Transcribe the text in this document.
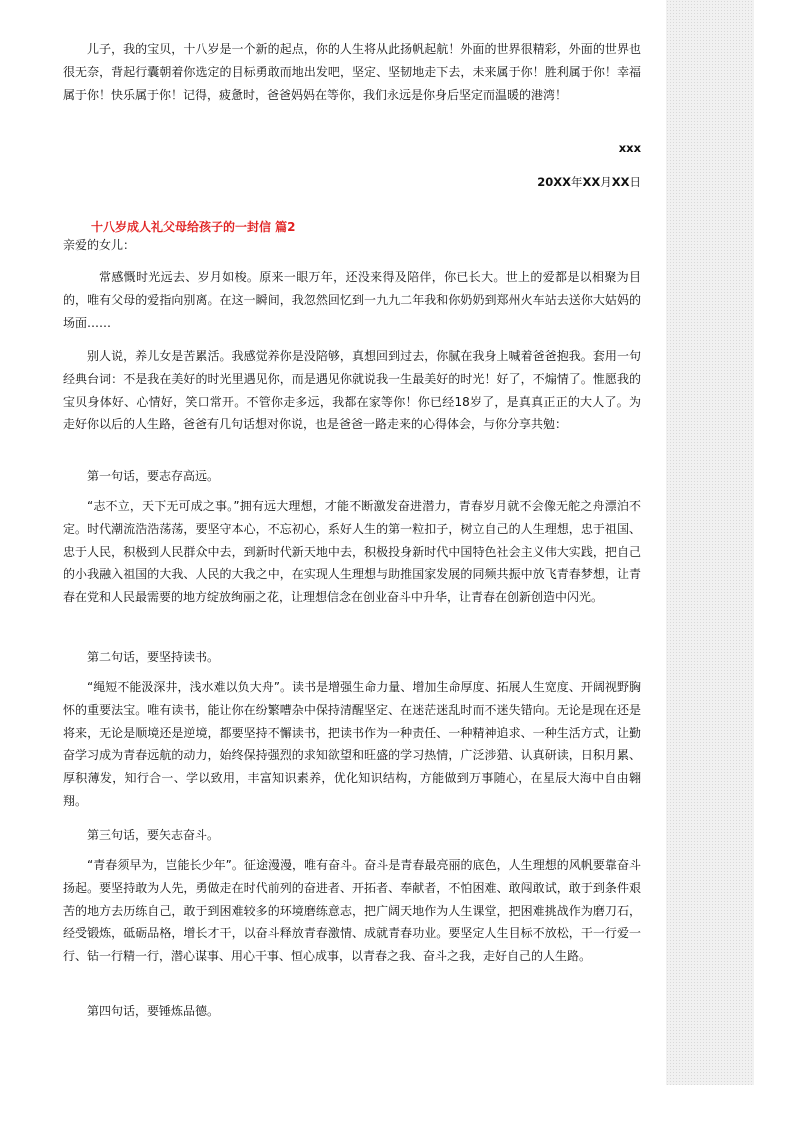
儿子，我的宝贝，十八岁是一个新的起点，你的人生将从此扬帆起航！外面的世界很精彩，外面的世界也很无奈，背起行囊朝着你选定的目标勇敢而地出发吧，坚定、坚韧地走下去，未来属于你！胜利属于你！幸福属于你！快乐属于你！记得，疲惫时，爸爸妈妈在等你，我们永远是你身后坚定而温暖的港湾！
xxx
20XX年XX月XX日
十八岁成人礼父母给孩子的一封信 篇2
亲爱的女儿：
常感慨时光远去、岁月如梭。原来一眼万年，还没来得及陪伴，你已长大。世上的爱都是以相聚为目的，唯有父母的爱指向别离。在这一瞬间，我忽然回忆到一九九二年我和你奶奶到郑州火车站去送你大姑妈的场面……
别人说，养儿女是苦累活。我感觉养你是没陪够，真想回到过去，你腻在我身上喊着爸爸抱我。套用一句经典台词：不是我在美好的时光里遇见你，而是遇见你就说我一生最美好的时光！好了，不煽情了。惟愿我的宝贝身体好、心情好，笑口常开。不管你走多远，我都在家等你！你已经18岁了，是真真正正的大人了。为走好你以后的人生路，爸爸有几句话想对你说，也是爸爸一路走来的心得体会，与你分享共勉：
第一句话，要志存高远。
“志不立，天下无可成之事。”拥有远大理想，才能不断激发奋进潜力，青春岁月就不会像无舵之舟漂泊不定。时代潮流浩浩荡荡，要坚守本心，不忘初心，系好人生的第一粒扣子，树立自己的人生理想，忠于祖国、忠于人民，积极到人民群众中去，到新时代新天地中去，积极投身新时代中国特色社会主义伟大实践，把自己的小我融入祖国的大我、人民的大我之中，在实现人生理想与助推国家发展的同频共振中放飞青春梦想，让青春在党和人民最需要的地方绽放绚丽之花，让理想信念在创业奋斗中升华，让青春在创新创造中闪光。
第二句话，要坚持读书。
“绳短不能汲深井，浅水难以负大舟”。读书是增强生命力量、增加生命厚度、拓展人生宽度、开阔视野胸怀的重要法宝。唯有读书，能让你在纷繁嘈杂中保持清醒坚定、在迷茫迷乱时而不迷失错向。无论是现在还是将来，无论是顺境还是逆境，都要坚持不懈读书，把读书作为一种责任、一种精神追求、一种生活方式，让勤奋学习成为青春远航的动力，始终保持强烈的求知欲望和旺盛的学习热情，广泛涉猎、认真研读，日积月累、厚积薄发，知行合一、学以致用，丰富知识素养，优化知识结构，方能做到万事随心，在星辰大海中自由翱翔。
第三句话，要矢志奋斗。
“青春须早为，岂能长少年”。征途漫漫，唯有奋斗。奋斗是青春最亮丽的底色，人生理想的风帆要靠奋斗扬起。要坚持敢为人先，勇做走在时代前列的奋进者、开拓者、奉献者，不怕困难、敢闯敢试，敢于到条件艰苦的地方去历练自己，敢于到困难较多的环境磨练意志，把广阔天地作为人生课堂，把困难挑战作为磨刀石，经受锻炼，砥砺品格，增长才干，以奋斗释放青春激情、成就青春功业。要坚定人生目标不放松，干一行爱一行、钻一行精一行，潜心谋事、用心干事、恒心成事，以青春之我、奋斗之我，走好自己的人生路。
第四句话，要锤炼品德。
